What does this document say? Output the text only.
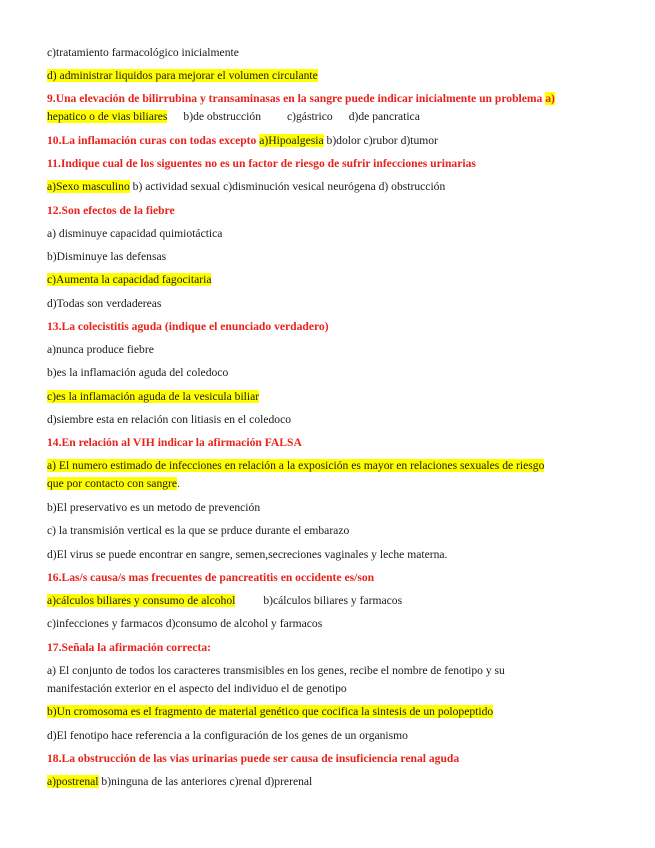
c)tratamiento farmacológico inicialmente
d) administrar liquidos para mejorar el volumen circulante
9.Una elevación de bilirrubina y transaminasas en la sangre puede indicar inicialmente un problema a)
hepatico o de vias biliares b)de obstrucción c)gástrico d)de pancratica
10.La inflamación curas con todas excepto a)Hipoalgesia b)dolor c)rubor d)tumor
11.Indique cual de los siguentes no es un factor de riesgo de sufrir infecciones urinarias
a)Sexo masculino b) actividad sexual c)disminución vesical neurógena d) obstrucción
12.Son efectos de la fiebre
a) disminuye capacidad quimiotáctica
b)Disminuye las defensas
c)Aumenta la capacidad fagocitaria
d)Todas son verdadereas
13.La colecistitis aguda (indique el enunciado verdadero)
a)nunca produce fiebre
b)es la inflamación aguda del coledoco
c)es la inflamación aguda de la vesicula biliar
d)siembre esta en relación con litiasis en el coledoco
14.En relación al VIH indicar la afirmación FALSA
a) El numero estimado de infecciones en relación a la exposición es mayor en relaciones sexuales de riesgo
que por contacto con sangre.
b)El preservativo es un metodo de prevención
c) la transmisión vertical es la que se prduce durante el embarazo
d)El virus se puede encontrar en sangre, semen,secreciones vaginales y leche materna.
16.Las/s causa/s mas frecuentes de pancreatitis en occidente es/son
a)cálculos biliares y consumo de alcohol b)cálculos biliares y farmacos
c)infecciones y farmacos d)consumo de alcohol y farmacos
17.Señala la afirmación correcta:
a) El conjunto de todos los caracteres transmisibles en los genes, recibe el nombre de fenotipo y su
manifestación exterior en el aspecto del individuo el de genotipo
b)Un cromosoma es el fragmento de material genético que cocifica la sintesis de un polopeptido
d)El fenotipo hace referencia a la configuración de los genes de un organismo
18.La obstrucción de las vias urinarias puede ser causa de insuficiencia renal aguda
a)postrenal b)ninguna de las anteriores c)renal d)prerenal
